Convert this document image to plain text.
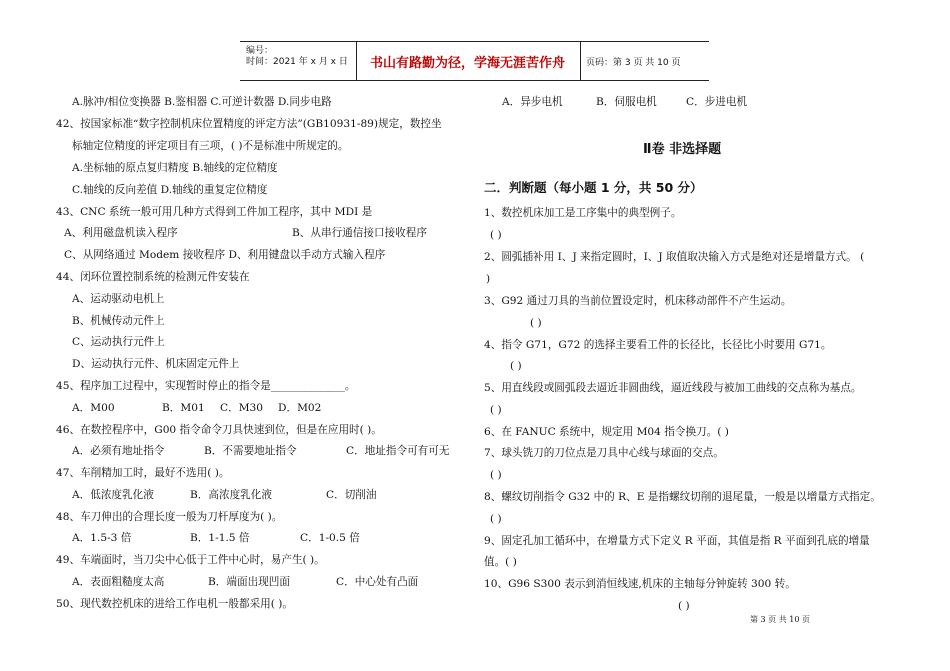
编号：
时间：2021 年 x 月 x 日 书山有路勤为径，学海无涯苦作舟 页码：第 3 页 共 10 页
A.脉冲/相位变换器 B.鉴相器 C.可逆计数器 D.同步电路
42、按国家标准“数字控制机床位置精度的评定方法”(GB10931-89)规定，数控坐
标轴定位精度的评定项目有三项，( )不是标准中所规定的。
A.坐标轴的原点复归精度 B.轴线的定位精度
C.轴线的反向差值 D.轴线的重复定位精度
43、CNC 系统一般可用几种方式得到工件加工程序，其中 MDI 是
A、利用磁盘机读入程序	B、从串行通信接口接收程序
C、从网络通过 Modem 接收程序 D、利用键盘以手动方式输入程序
44、闭环位置控制系统的检测元件安装在
A、运动驱动电机上
B、机械传动元件上
C、运动执行元件上
D、运动执行元件、机床固定元件上
45、程序加工过程中，实现暂时停止的指令是______________。
A．M00	B．M01 C．M30 D．M02
46、在数控程序中，G00 指令命令刀具快速到位，但是在应用时( )。
A．必须有地址指令	B．不需要地址指令	C．地址指令可有可无
47、车削精加工时，最好不选用( )。
A．低浓度乳化液	B．高浓度乳化液	C．切削油
48、车刀伸出的合理长度一般为刀杆厚度为( )。
A．1.5-3 倍	B．1-1.5 倍	C．1-0.5 倍
49、车端面时，当刀尖中心低于工件中心时，易产生( )。
A．表面粗糙度太高	B．端面出现凹面	C．中心处有凸面
50、现代数控机床的进给工作电机一般都采用( )。
A．异步电机	B．伺服电机	C．步进电机
Ⅱ卷 非选择题
二．判断题（每小题 1 分，共 50 分）
1、数控机床加工是工序集中的典型例子。
( )
2、圆弧插补用 I、J 来指定圆时，I、J 取值取决输入方式是绝对还是增量方式。 (
)
3、G92 通过刀具的当前位置设定时，机床移动部件不产生运动。
( )
4、指令 G71，G72 的选择主要看工件的长径比，长径比小时要用 G71。
( )
5、用直线段或圆弧段去逼近非圆曲线，逼近线段与被加工曲线的交点称为基点。
( )
6、在 FANUC 系统中，规定用 M04 指令换刀。( )
7、球头铣刀的刀位点是刀具中心线与球面的交点。
( )
8、螺纹切削指令 G32 中的 R、E 是指螺纹切削的退尾量，一般是以增量方式指定。
( )
9、固定孔加工循环中，在增量方式下定义 R 平面，其值是指 R 平面到孔底的增量
值。( )
10、G96 S300 表示到消恒线速,机床的主轴每分钟旋转 300 转。
( )
第 3 页 共 10 页
